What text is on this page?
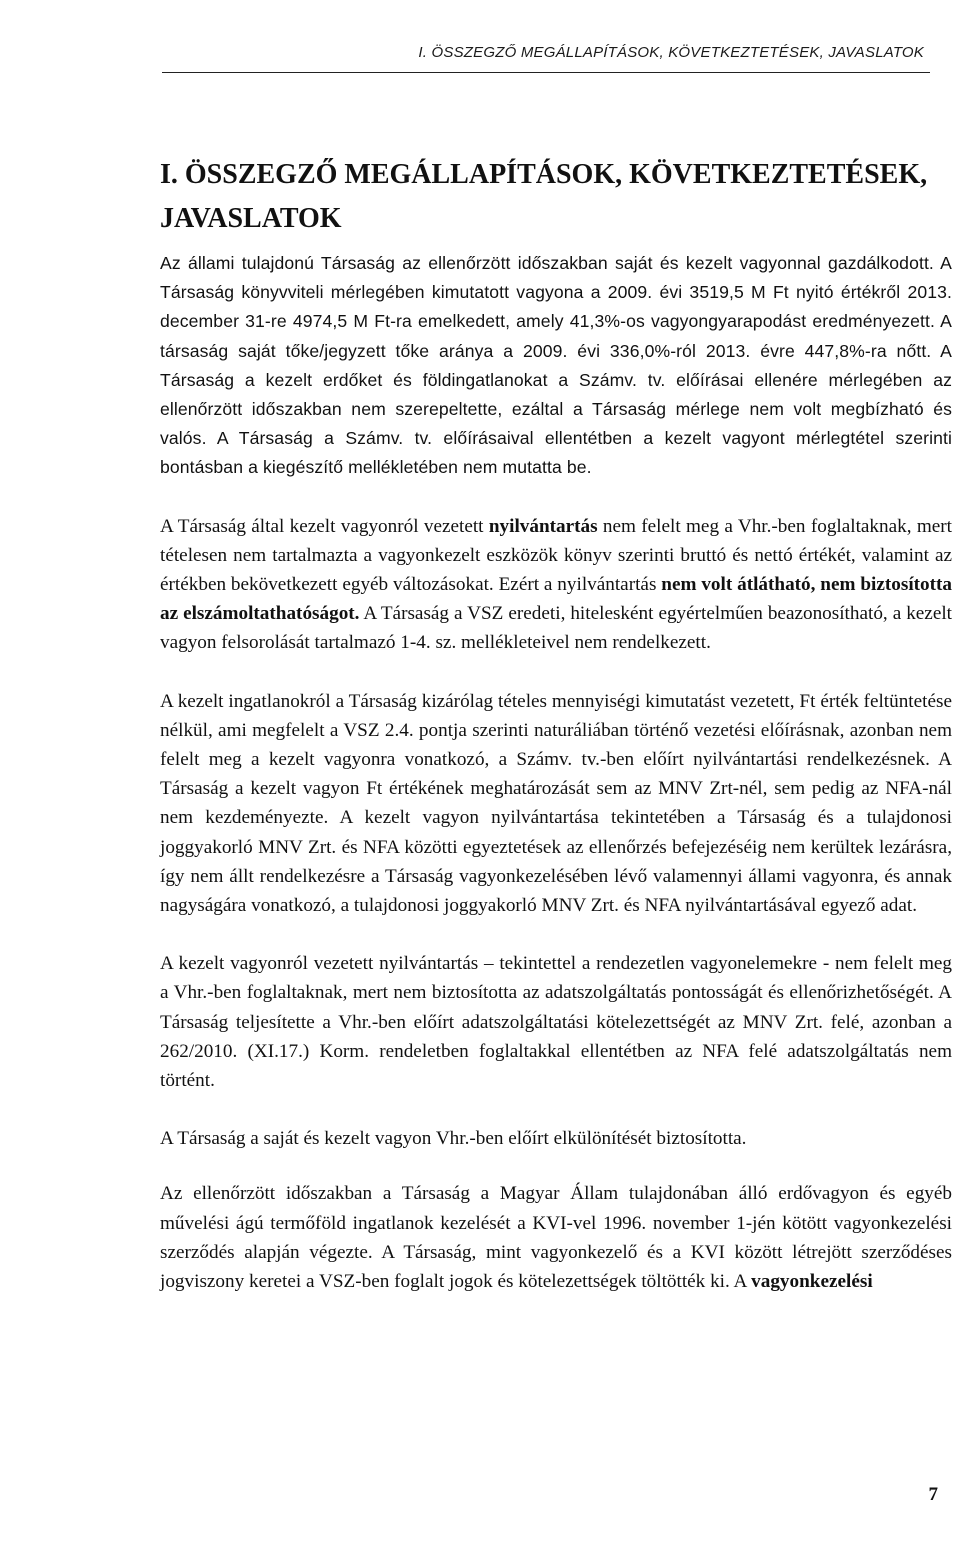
I. ÖSSZEGZŐ MEGÁLLAPÍTÁSOK, KÖVETKEZTETÉSEK, JAVASLATOK
I. ÖSSZEGZŐ MEGÁLLAPÍTÁSOK, KÖVETKEZTETÉSEK,
JAVASLATOK

Az állami tulajdonú Társaság az ellenőrzött időszakban saját és kezelt vagyonnal gazdálkodott. A Társaság könyvviteli mérlegében kimutatott vagyona a 2009. évi 3519,5 M Ft nyitó értékről 2013. december 31-re 4974,5 M Ft-ra emelkedett, amely 41,3%-os vagyongyarapodást eredményezett. A társaság saját tőke/jegyzett tőke aránya a 2009. évi 336,0%-ról 2013. évre 447,8%-ra nőtt. A Társaság a kezelt erdőket és földingatlanokat a Számv. tv. előírásai ellenére mérlegében az ellenőrzött időszakban nem szerepeltette, ezáltal a Társaság mérlege nem volt megbízható és valós. A Társaság a Számv. tv. előírásaival ellentétben a kezelt vagyont mérlegtétel szerinti bontásban a kiegészítő mellékletében nem mutatta be.

A Társaság által kezelt vagyonról vezetett nyilvántartás nem felelt meg a Vhr.-ben foglaltaknak, mert tételesen nem tartalmazta a vagyonkezelt eszközök könyv szerinti bruttó és nettó értékét, valamint az értékben bekövetkezett egyéb változásokat. Ezért a nyilvántartás nem volt átlátható, nem biztosította az elszámoltathatóságot. A Társaság a VSZ eredeti, hitelesként egyértelműen beazonosítható, a kezelt vagyon felsorolását tartalmazó 1-4. sz. mellékleteivel nem rendelkezett.

A kezelt ingatlanokról a Társaság kizárólag tételes mennyiségi kimutatást vezetett, Ft érték feltüntetése nélkül, ami megfelelt a VSZ 2.4. pontja szerinti naturáliában történő vezetési előírásnak, azonban nem felelt meg a kezelt vagyonra vonatkozó, a Számv. tv.-ben előírt nyilvántartási rendelkezésnek. A Társaság a kezelt vagyon Ft értékének meghatározását sem az MNV Zrt-nél, sem pedig az NFA-nál nem kezdeményezte. A kezelt vagyon nyilvántartása tekintetében a Társaság és a tulajdonosi joggyakorló MNV Zrt. és NFA közötti egyeztetések az ellenőrzés befejezéséig nem kerültek lezárásra, így nem állt rendelkezésre a Társaság vagyonkezelésében lévő valamennyi állami vagyonra, és annak nagyságára vonatkozó, a tulajdonosi joggyakorló MNV Zrt. és NFA nyilvántartásával egyező adat.

A kezelt vagyonról vezetett nyilvántartás – tekintettel a rendezetlen vagyonelemekre - nem felelt meg a Vhr.-ben foglaltaknak, mert nem biztosította az adatszolgáltatás pontosságát és ellenőrizhetőségét. A Társaság teljesítette a Vhr.-ben előírt adatszolgáltatási kötelezettségét az MNV Zrt. felé, azonban a 262/2010. (XI.17.) Korm. rendeletben foglaltakkal ellentétben az NFA felé adatszolgáltatás nem történt.

A Társaság a saját és kezelt vagyon Vhr.-ben előírt elkülönítését biztosította.

Az ellenőrzött időszakban a Társaság a Magyar Állam tulajdonában álló erdővagyon és egyéb művelési ágú termőföld ingatlanok kezelését a KVI-vel 1996. november 1-jén kötött vagyonkezelési szerződés alapján végezte. A Társaság, mint vagyonkezelő és a KVI között létrejött szerződéses jogviszony keretei a VSZ-ben foglalt jogok és kötelezettségek töltötték ki. A vagyonkezelési

7
